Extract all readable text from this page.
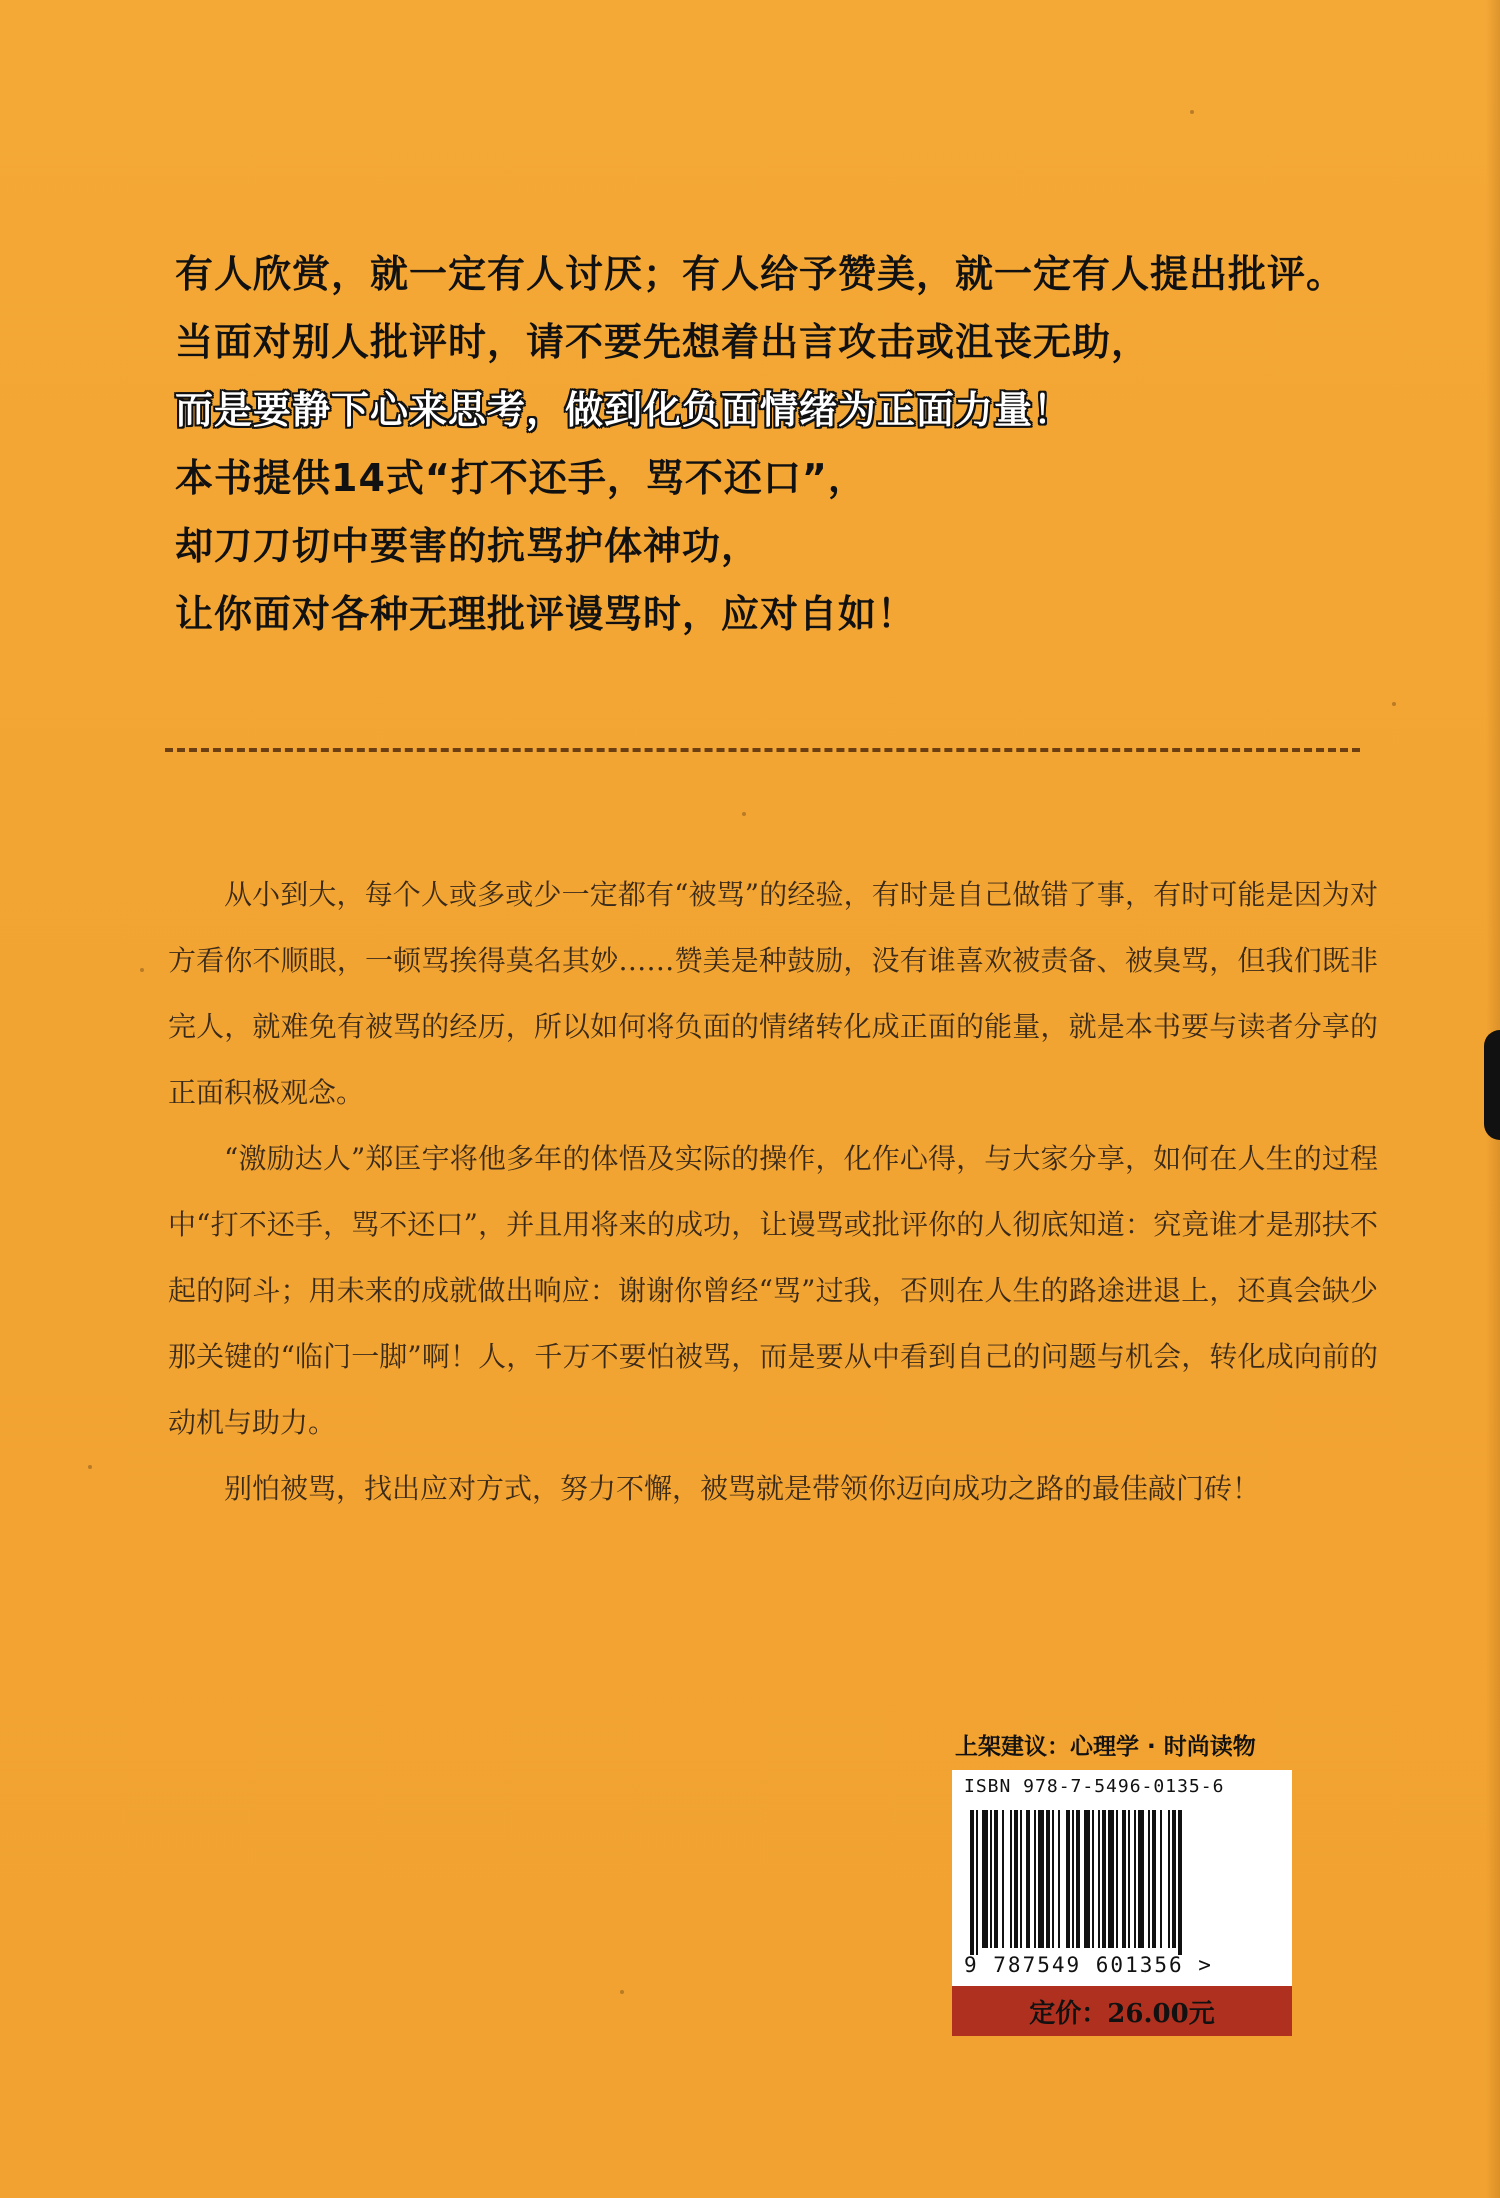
有人欣赏，就一定有人讨厌；有人给予赞美，就一定有人提出批评。
当面对别人批评时，请不要先想着出言攻击或沮丧无助，
而是要静下心来思考，做到化负面情绪为正面力量！
本书提供14式“打不还手，骂不还口”，
却刀刀切中要害的抗骂护体神功，
让你面对各种无理批评谩骂时，应对自如！

从小到大，每个人或多或少一定都有“被骂”的经验，有时是自己做错了事，有时可能是因为对方看你不顺眼，一顿骂挨得莫名其妙……赞美是种鼓励，没有谁喜欢被责备、被臭骂，但我们既非完人，就难免有被骂的经历，所以如何将负面的情绪转化成正面的能量，就是本书要与读者分享的正面积极观念。

“激励达人”郑匡宇将他多年的体悟及实际的操作，化作心得，与大家分享，如何在人生的过程中“打不还手，骂不还口”，并且用将来的成功，让谩骂或批评你的人彻底知道：究竟谁才是那扶不起的阿斗；用未来的成就做出响应：谢谢你曾经“骂”过我，否则在人生的路途进退上，还真会缺少那关键的“临门一脚”啊！人，千万不要怕被骂，而是要从中看到自己的问题与机会，转化成向前的动机与助力。

别怕被骂，找出应对方式，努力不懈，被骂就是带领你迈向成功之路的最佳敲门砖！

上架建议：心理学 · 时尚读物
ISBN 978-7-5496-0135-6
9 787549 601356 >
定价：26.00元
